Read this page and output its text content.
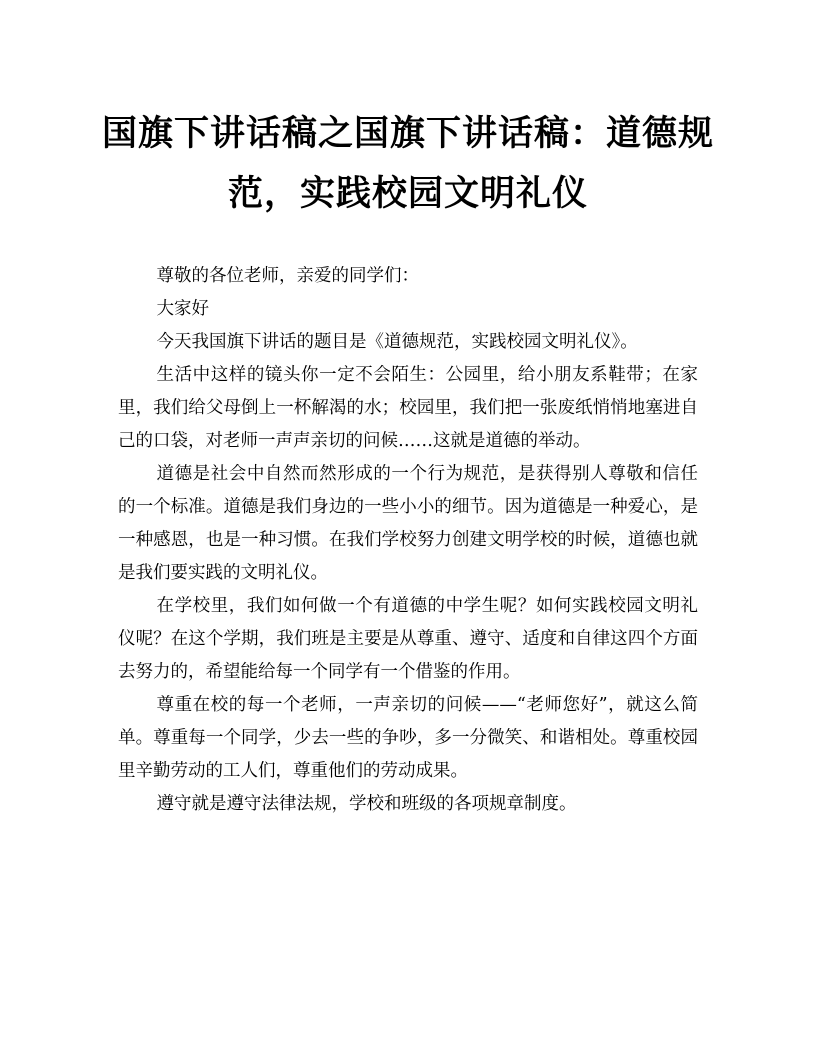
国旗下讲话稿之国旗下讲话稿：道德规范，实践校园文明礼仪

尊敬的各位老师，亲爱的同学们：

大家好

今天我国旗下讲话的题目是《道德规范，实践校园文明礼仪》。

生活中这样的镜头你一定不会陌生：公园里，给小朋友系鞋带；在家里，我们给父母倒上一杯解渴的水；校园里，我们把一张废纸悄悄地塞进自己的口袋，对老师一声声亲切的问候……这就是道德的举动。

道德是社会中自然而然形成的一个行为规范，是获得别人尊敬和信任的一个标准。道德是我们身边的一些小小的细节。因为道德是一种爱心，是一种感恩，也是一种习惯。在我们学校努力创建文明学校的时候，道德也就是我们要实践的文明礼仪。

在学校里，我们如何做一个有道德的中学生呢？如何实践校园文明礼仪呢？在这个学期，我们班是主要是从尊重、遵守、适度和自律这四个方面去努力的，希望能给每一个同学有一个借鉴的作用。

尊重在校的每一个老师，一声亲切的问候——“老师您好”，就这么简单。尊重每一个同学，少去一些的争吵，多一分微笑、和谐相处。尊重校园里辛勤劳动的工人们，尊重他们的劳动成果。

遵守就是遵守法律法规，学校和班级的各项规章制度。
